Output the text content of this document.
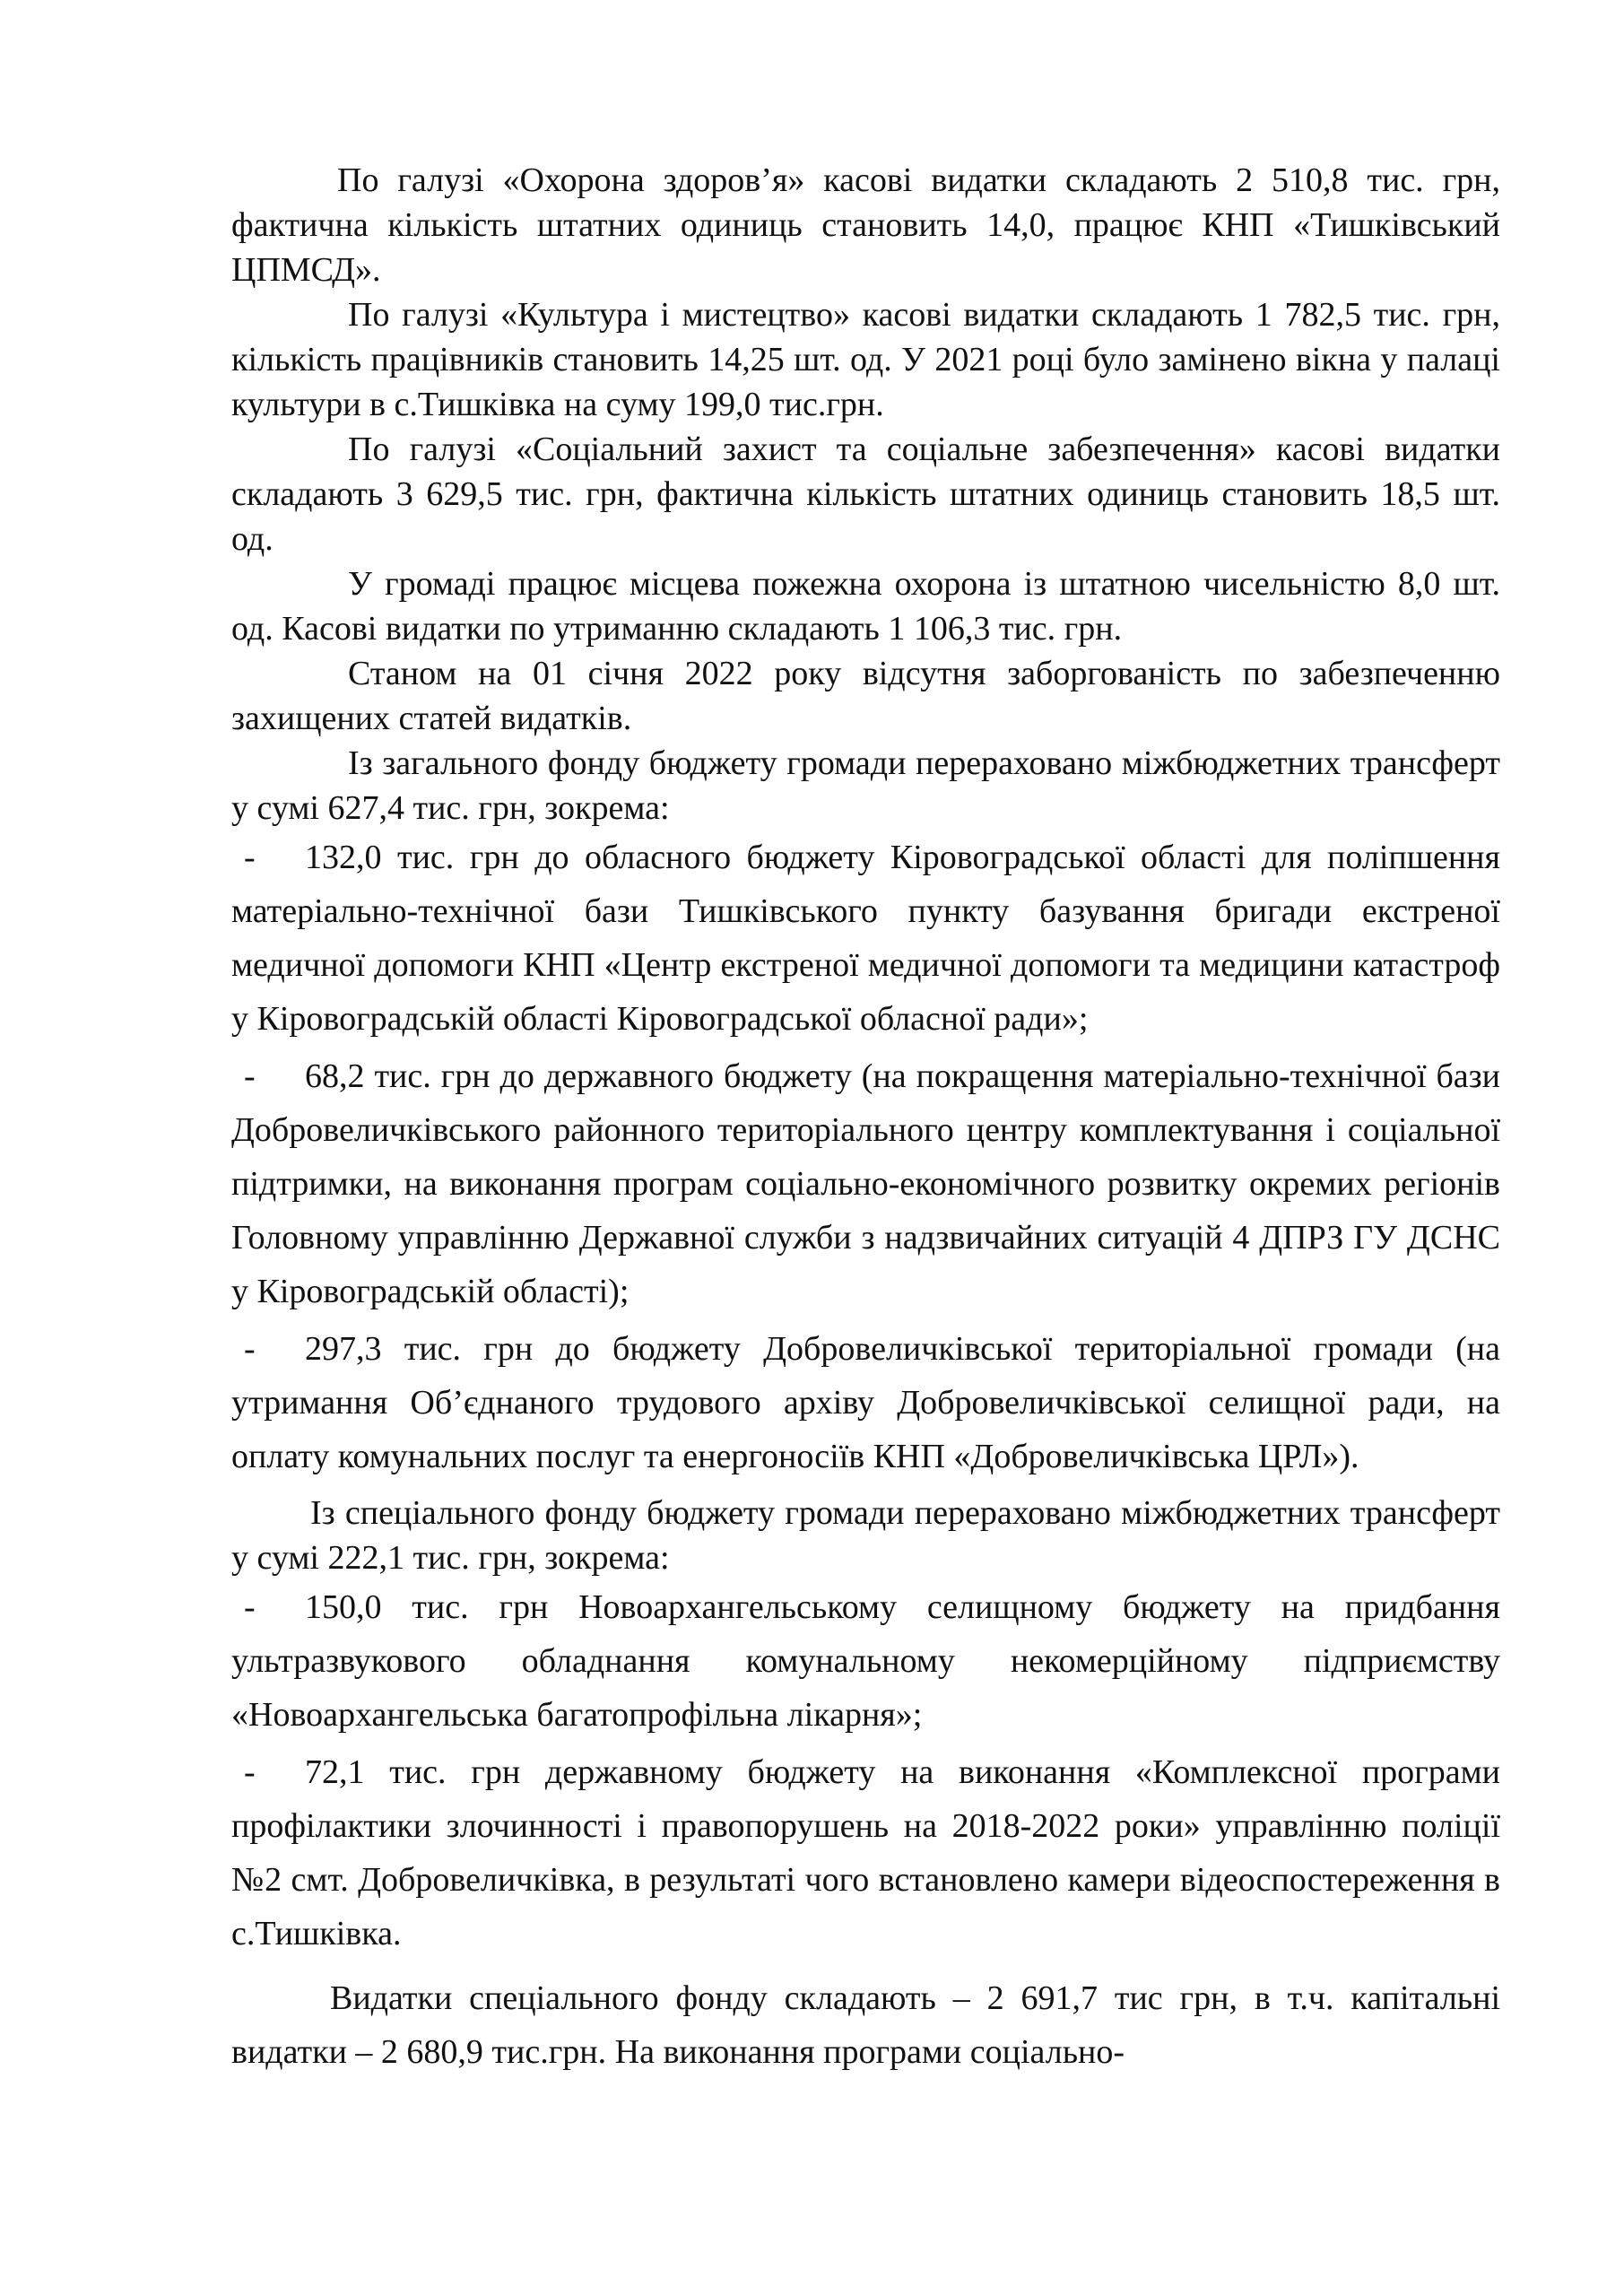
По галузі «Охорона здоров’я» касові видатки складають 2 510,8 тис. грн, фактична кількість штатних одиниць становить 14,0, працює КНП «Тишківський ЦПМСД».

По галузі «Культура і мистецтво» касові видатки складають 1 782,5 тис. грн, кількість працівників становить 14,25 шт. од. У 2021 році було замінено вікна у палаці культури в с.Тишківка на суму 199,0 тис.грн.

По галузі «Соціальний захист та соціальне забезпечення» касові видатки складають 3 629,5 тис. грн, фактична кількість штатних одиниць становить 18,5 шт. од.

У громаді працює місцева пожежна охорона із штатною чисельністю 8,0 шт. од. Касові видатки по утриманню складають 1 106,3 тис. грн.

Станом на 01 січня 2022 року відсутня заборгованість по забезпеченню захищених статей видатків.

Із загального фонду бюджету громади перераховано міжбюджетних трансферт у сумі 627,4 тис. грн, зокрема:

- 132,0 тис. грн до обласного бюджету Кіровоградської області для поліпшення матеріально-технічної бази Тишківського пункту базування бригади екстреної медичної допомоги КНП «Центр екстреної медичної допомоги та медицини катастроф у Кіровоградській області Кіровоградської обласної ради»;
- 68,2 тис. грн до державного бюджету (на покращення матеріально-технічної бази Добровеличківського районного територіального центру комплектування і соціальної підтримки, на виконання програм соціально-економічного розвитку окремих регіонів Головному управлінню Державної служби з надзвичайних ситуацій 4 ДПРЗ ГУ ДСНС у Кіровоградській області);
- 297,3 тис. грн до бюджету Добровеличківської територіальної громади (на утримання Об’єднаного трудового архіву Добровеличківської селищної ради, на оплату комунальних послуг та енергоносіїв КНП «Добровеличківська ЦРЛ»).

Із спеціального фонду бюджету громади перераховано міжбюджетних трансферт у сумі 222,1 тис. грн, зокрема:

- 150,0 тис. грн Новоархангельському селищному бюджету на придбання ультразвукового обладнання комунальному некомерційному підприємству «Новоархангельська багатопрофільна лікарня»;
- 72,1 тис. грн державному бюджету на виконання «Комплексної програми профілактики злочинності і правопорушень на 2018-2022 роки» управлінню поліції №2 смт. Добровеличківка, в результаті чого встановлено камери відеоспостереження в с.Тишківка.

Видатки спеціального фонду складають – 2 691,7 тис грн, в т.ч. капітальні видатки – 2 680,9 тис.грн. На виконання програми соціально-
